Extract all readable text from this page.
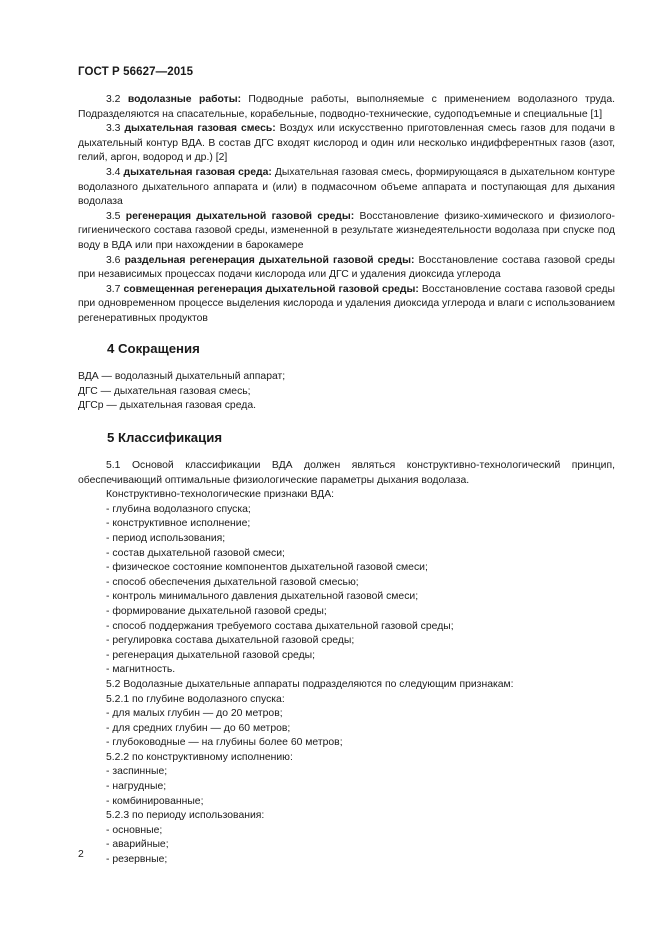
ГОСТ Р 56627—2015

3.2 водолазные работы: Подводные работы, выполняемые с применением водолазного труда. Подразделяются на спасательные, корабельные, подводно-технические, судоподъемные и специальные [1]

3.3 дыхательная газовая смесь: Воздух или искусственно приготовленная смесь газов для подачи в дыхательный контур ВДА. В состав ДГС входят кислород и один или несколько индифферентных газов (азот, гелий, аргон, водород и др.) [2]

3.4 дыхательная газовая среда: Дыхательная газовая смесь, формирующаяся в дыхательном контуре водолазного дыхательного аппарата и (или) в подмасочном объеме аппарата и поступающая для дыхания водолаза

3.5 регенерация дыхательной газовой среды: Восстановление физико-химического и физиолого-гигиенического состава газовой среды, измененной в результате жизнедеятельности водолаза при спуске под воду в ВДА или при нахождении в барокамере

3.6 раздельная регенерация дыхательной газовой среды: Восстановление состава газовой среды при независимых процессах подачи кислорода или ДГС и удаления диоксида углерода

3.7 совмещенная регенерация дыхательной газовой среды: Восстановление состава газовой среды при одновременном процессе выделения кислорода и удаления диоксида углерода и влаги с использованием регенеративных продуктов

4 Сокращения

ВДА — водолазный дыхательный аппарат;

ДГС — дыхательная газовая смесь;

ДГСр — дыхательная газовая среда.

5 Классификация

5.1 Основой классификации ВДА должен являться конструктивно-технологический принцип, обеспечивающий оптимальные физиологические параметры дыхания водолаза.

Конструктивно-технологические признаки ВДА:

- глубина водолазного спуска;
- конструктивное исполнение;
- период использования;
- состав дыхательной газовой смеси;
- физическое состояние компонентов дыхательной газовой смеси;
- способ обеспечения дыхательной газовой смесью;
- контроль минимального давления дыхательной газовой смеси;
- формирование дыхательной газовой среды;
- способ поддержания требуемого состава дыхательной газовой среды;
- регулировка состава дыхательной газовой среды;
- регенерация дыхательной газовой среды;
- магнитность.

5.2 Водолазные дыхательные аппараты подразделяются по следующим признакам:

5.2.1 по глубине водолазного спуска:

- для малых глубин — до 20 метров;
- для средних глубин — до 60 метров;
- глубоководные — на глубины более 60 метров;

5.2.2 по конструктивному исполнению:

- заспинные;
- нагрудные;
- комбинированные;

5.2.3 по периоду использования:

- основные;
- аварийные;
- резервные;
2
